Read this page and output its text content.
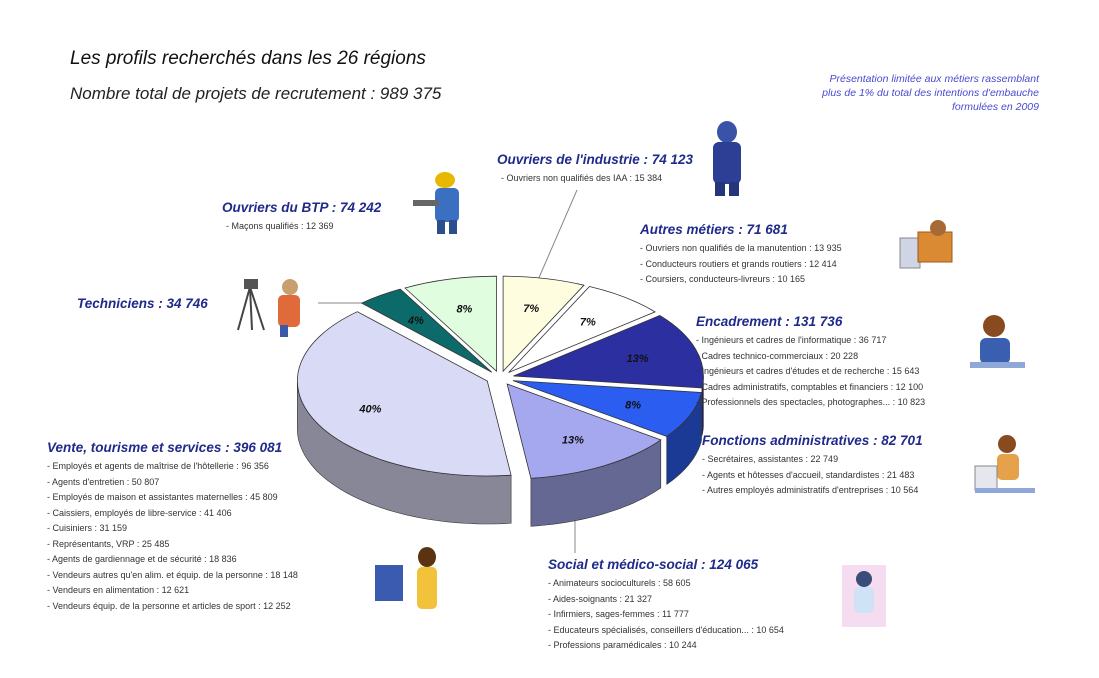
Les profils recherchés dans les 26 régions
Nombre total de projets de recrutement : 989 375
Présentation limitée aux métiers rassemblant
plus de 1% du total des intentions d'embauche
formulées en 2009
7%
7%
13%
8%
13%
40%
4%
8%
Ouvriers de l'industrie : 74 123
- Ouvriers non qualifiés des IAA : 15 384
Ouvriers du BTP : 74 242
- Maçons qualifiés : 12 369	Autres métiers : 71 681
- Ouvriers non qualifiés de la manutention : 13 935
- Conducteurs routiers et grands routiers : 12 414
- Coursiers, conducteurs-livreurs : 10 165
Techniciens : 34 746
Encadrement : 131 736
- Ingénieurs et cadres de l'informatique : 36 717
- Cadres technico-commerciaux : 20 228
- Ingénieurs et cadres d'études et de recherche : 15 643
- Cadres administratifs, comptables et financiers : 12 100
- Professionnels des spectacles, photographes... : 10 823
Fonctions administratives : 82 701
- Secrétaires, assistantes : 22 749
- Agents et hôtesses d'accueil, standardistes : 21 483
- Autres employés administratifs d'entreprises : 10 564
Vente, tourisme et services : 396 081
- Employés et agents de maîtrise de l'hôtellerie : 96 356
- Agents d'entretien : 50 807
- Employés de maison et assistantes maternelles : 45 809
- Caissiers, employés de libre-service : 41 406
- Cuisiniers : 31 159
- Représentants, VRP : 25 485
- Agents de gardiennage et de sécurité : 18 836
- Vendeurs autres qu'en alim. et équip. de la personne : 18 148
- Vendeurs en alimentation : 12 621
- Vendeurs équip. de la personne et articles de sport : 12 252
Social et médico-social : 124 065
- Animateurs socioculturels : 58 605
- Aides-soignants : 21 327
- Infirmiers, sages-femmes : 11 777
- Educateurs spécialisés, conseillers d'éducation... : 10 654
- Professions paramédicales : 10 244
